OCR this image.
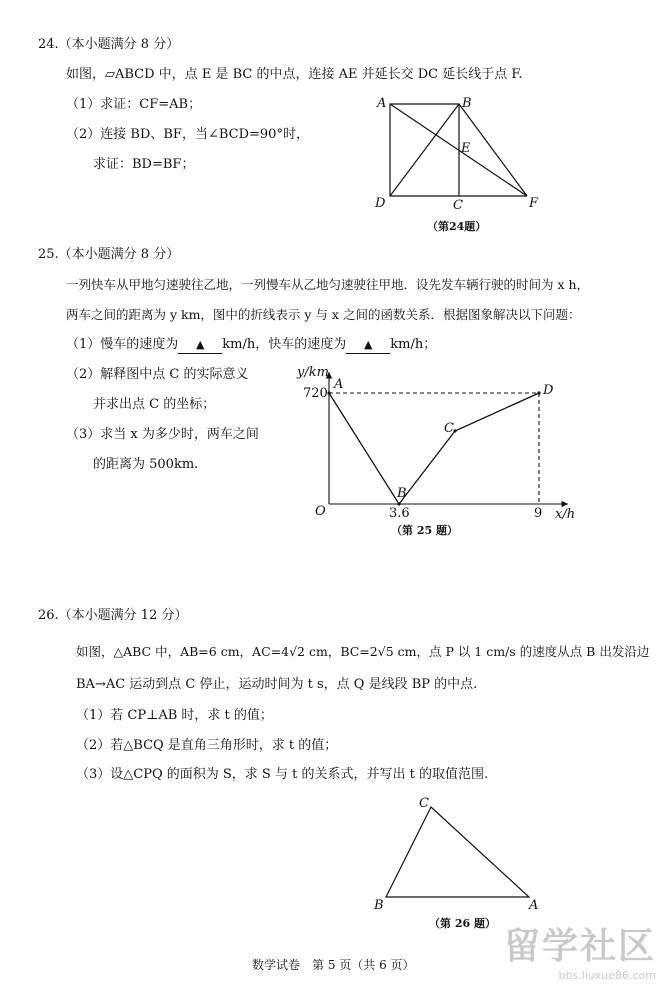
24.（本小题满分 8 分）
如图，▱ABCD 中，点 E 是 BC 的中点，连接 AE 并延长交 DC 延长线于点 F.
（1）求证：CF=AB；
（2）连接 BD、BF，当∠BCD=90°时，
求证：BD=BF；
A	B
E
D	C	F
（第24题）
25.（本小题满分 8 分）
一列快车从甲地匀速驶往乙地，一列慢车从乙地匀速驶往甲地．设先发车辆行驶的时间为 x h，
两车之间的距离为 y km，图中的折线表示 y 与 x 之间的函数关系．根据图象解决以下问题：
（1）慢车的速度为 ▲ km/h，快车的速度为 ▲ km/h；
（2）解释图中点 C 的实际意义
并求出点 C 的坐标；
（3）求当 x 为多少时，两车之间
的距离为 500km.
y/km
720
A
C
D
B
O	3.6	9 x/h
（第 25 题）
26.（本小题满分 12 分）
如图，△ABC 中，AB=6 cm，AC=4√2 cm，BC=2√5 cm，点 P 以 1 cm/s 的速度从点 B 出发沿边
BA→AC 运动到点 C 停止，运动时间为 t s，点 Q 是线段 BP 的中点.
（1）若 CP⊥AB 时，求 t 的值；
（2）若△BCQ 是直角三角形时，求 t 的值；
（3）设△CPQ 的面积为 S，求 S 与 t 的关系式，并写出 t 的取值范围.
C
B	A
（第 26 题）
数学试卷　第 5 页（共 6 页） 留学社区
bbs.liuxue86.com
